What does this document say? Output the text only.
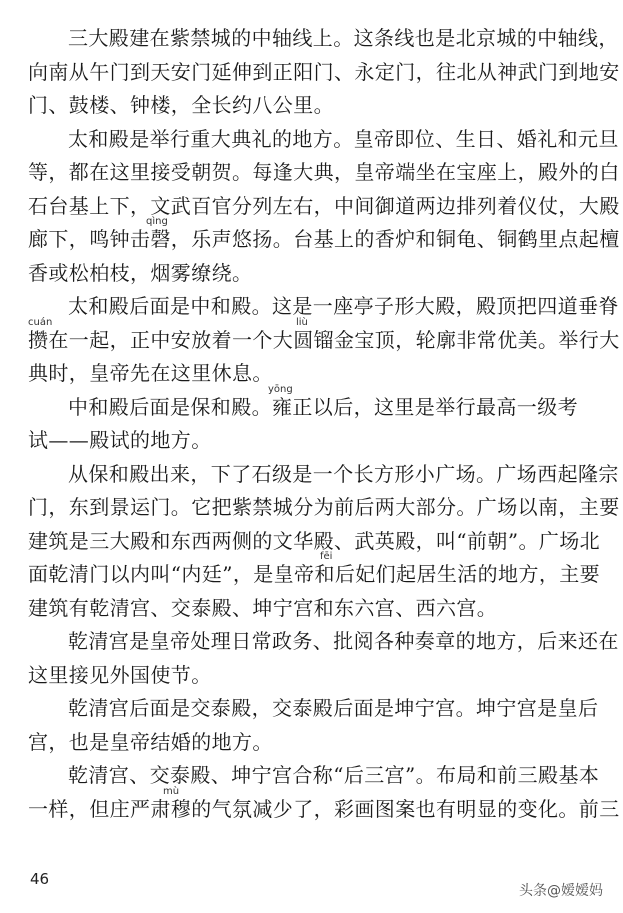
三大殿建在紫禁城的中轴线上。这条线也是北京城的中轴线，
向南从午门到天安门延伸到正阳门、永定门，往北从神武门到地安
门、鼓楼、钟楼，全长约八公里。
太和殿是举行重大典礼的地方。皇帝即位、生日、婚礼和元旦
等，都在这里接受朝贺。每逢大典，皇帝端坐在宝座上，殿外的白
石台基上下，文武百官分列左右，中间御道两边排列着仪仗，大殿
qìng
廊下，鸣钟击磬，乐声悠扬。台基上的香炉和铜龟、铜鹤里点起檀
香或松柏枝，烟雾缭绕。
太和殿后面是中和殿。这是一座亭子形大殿，殿顶把四道垂脊
cuán	liù
攒在一起，正中安放着一个大圆镏金宝顶，轮廓非常优美。举行大
典时，皇帝先在这里休息。
yōng
中和殿后面是保和殿。雍正以后，这里是举行最高一级考
试——殿试的地方。
从保和殿出来，下了石级是一个长方形小广场。广场西起隆宗
门，东到景运门。它把紫禁城分为前后两大部分。广场以南，主要
建筑是三大殿和东西两侧的文华殿、武英殿，叫“前朝”。广场北
fēi
面乾清门以内叫“内廷”，是皇帝和后妃们起居生活的地方，主要
建筑有乾清宫、交泰殿、坤宁宫和东六宫、西六宫。
乾清宫是皇帝处理日常政务、批阅各种奏章的地方，后来还在
这里接见外国使节。
乾清宫后面是交泰殿，交泰殿后面是坤宁宫。坤宁宫是皇后
宫，也是皇帝结婚的地方。
乾清宫、交泰殿、坤宁宫合称“后三宫”。布局和前三殿基本
mù
一样，但庄严肃穆的气氛减少了，彩画图案也有明显的变化。前三
46
头条@嫒嫒妈
